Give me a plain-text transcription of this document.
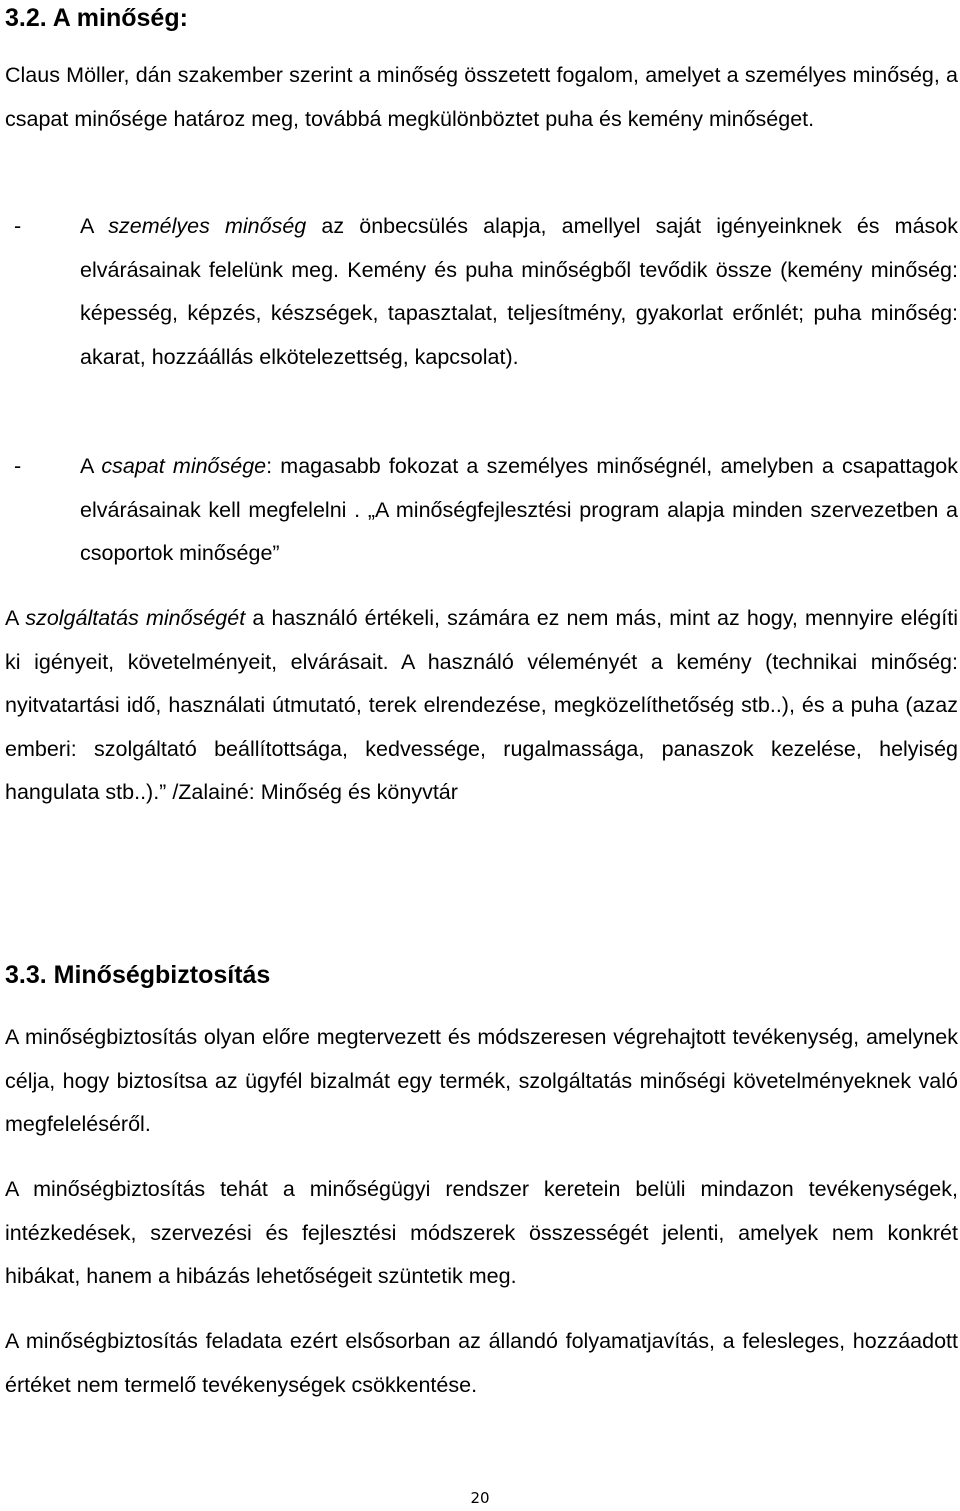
3.2. A minőség:

Claus Möller, dán szakember szerint a minőség összetett fogalom, amelyet a személyes minőség, a csapat minősége határoz meg, továbbá megkülönböztet puha és kemény minőséget.

-	A személyes minőség az önbecsülés alapja, amellyel saját igényeinknek és mások elvárásainak felelünk meg. Kemény és puha minőségből tevődik össze (kemény minőség: képesség, képzés, készségek, tapasztalat, teljesítmény, gyakorlat erőnlét; puha minőség: akarat, hozzáállás elkötelezettség, kapcsolat).

-	A csapat minősége: magasabb fokozat a személyes minőségnél, amelyben a csapattagok elvárásainak kell megfelelni . „A minőségfejlesztési program alapja minden szervezetben a csoportok minősége”

A szolgáltatás minőségét a használó értékeli, számára ez nem más, mint az hogy, mennyire elégíti ki igényeit, követelményeit, elvárásait. A használó véleményét a kemény (technikai minőség: nyitvatartási idő, használati útmutató, terek elrendezése, megközelíthetőség stb..), és a puha (azaz emberi: szolgáltató beállítottsága, kedvessége, rugalmassága, panaszok kezelése, helyiség hangulata stb..).” /Zalainé: Minőség és könyvtár

3.3. Minőségbiztosítás

A minőségbiztosítás olyan előre megtervezett és módszeresen végrehajtott tevékenység, amelynek célja, hogy biztosítsa az ügyfél bizalmát egy termék, szolgáltatás minőségi követelményeknek való megfeleléséről.

A minőségbiztosítás tehát a minőségügyi rendszer keretein belüli mindazon tevékenységek, intézkedések, szervezési és fejlesztési módszerek összességét jelenti, amelyek nem konkrét hibákat, hanem a hibázás lehetőségeit szüntetik meg.

A minőségbiztosítás feladata ezért elsősorban az állandó folyamatjavítás, a felesleges, hozzáadott értéket nem termelő tevékenységek csökkentése.

20
